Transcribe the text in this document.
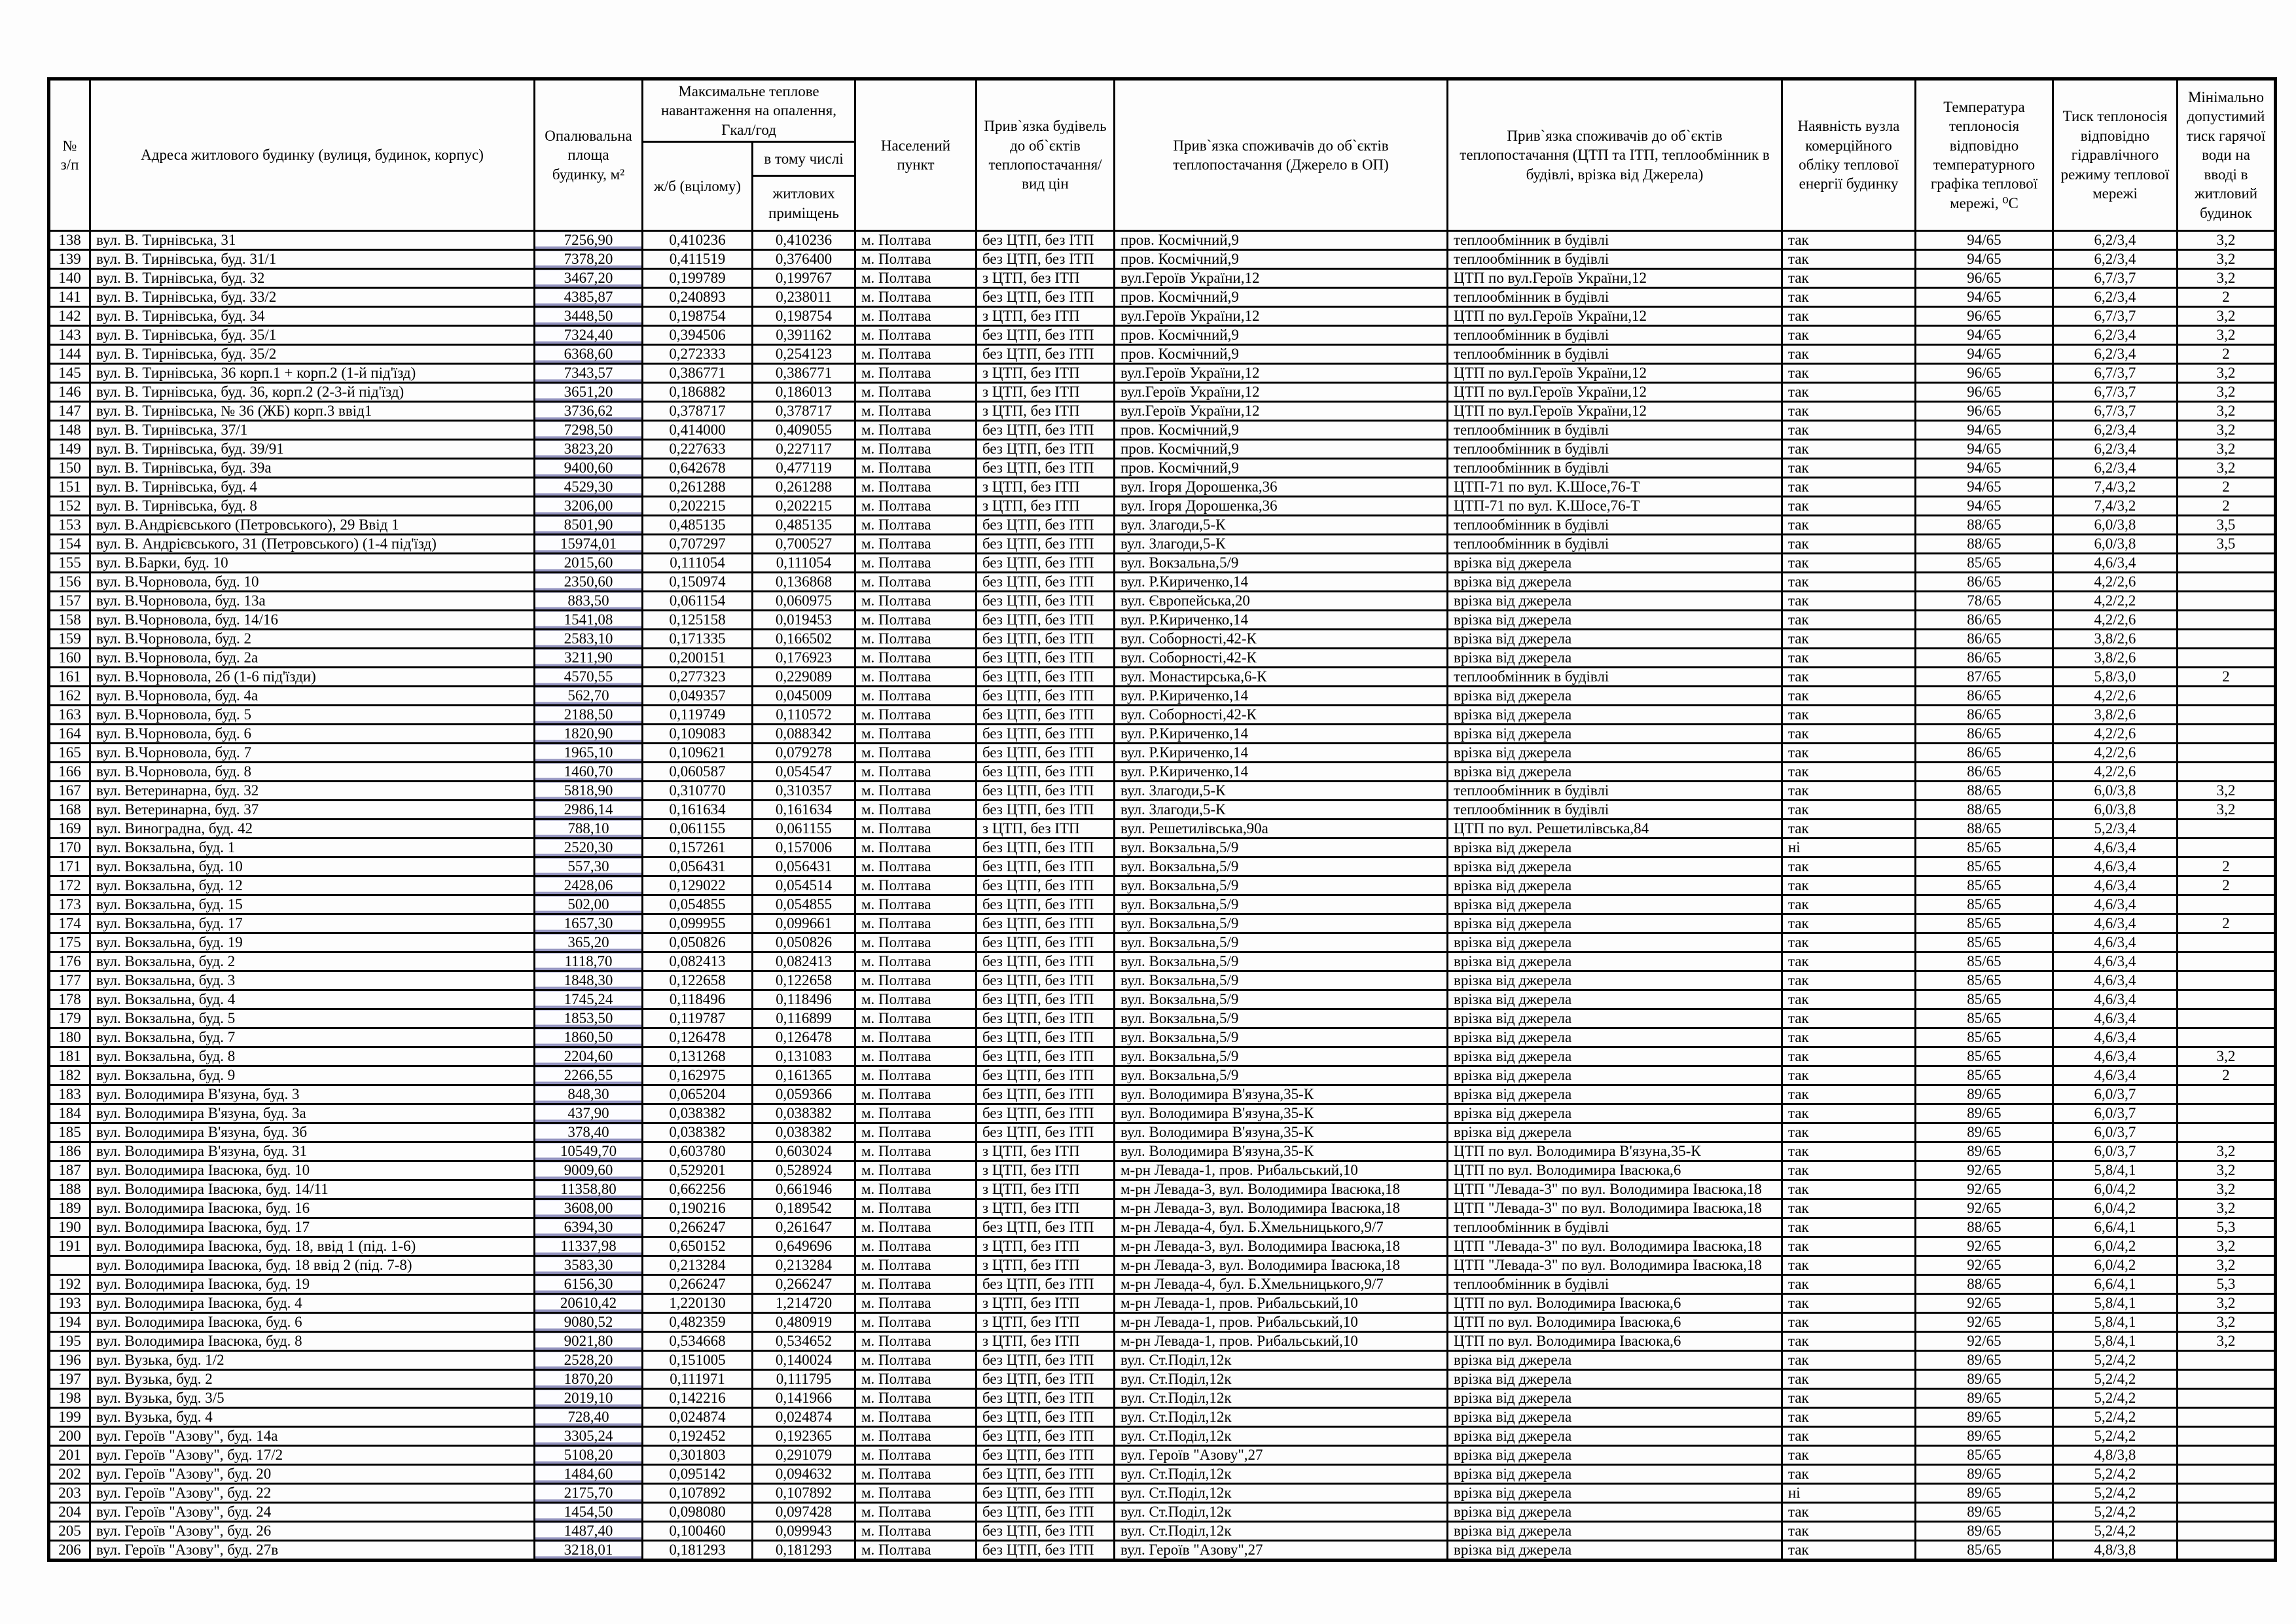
№ з/п	Адреса житлового будинку (вулиця, будинок, корпус)	Опалювальна площа будинку, м²	Максимальне теплове навантаження на опалення, Гкал/год		Населений пункт	Прив`язка будівель до об`єктів теплопостачання/ вид цін	Прив`язка споживачів до об`єктів теплопостачання (Джерело в ОП)	Прив`язка споживачів до об`єктів теплопостачання (ЦТП та ІТП, теплообмінник в будівлі, врізка від Джерела)	Наявність вузла комерційного обліку теплової енергії будинку	Температура теплоносія відповідно температурного графіка теплової мережі, ⁰С	Тиск теплоносія відповідно гідравлічного режиму теплової мережі	Мінімально допустимий тиск гарячої води на вводі в житловий будинок
			ж/б (вцілому)	в тому числі								
				житлових приміщень								
138	вул. В. Тирнівська, 31	7256,90	0,410236	0,410236	м. Полтава	без ЦТП, без ІТП	пров. Космічний,9	теплообмінник в будівлі	так	94/65	6,2/3,4	3,2
139	вул. В. Тирнівська, буд. 31/1	7378,20	0,411519	0,376400	м. Полтава	без ЦТП, без ІТП	пров. Космічний,9	теплообмінник в будівлі	так	94/65	6,2/3,4	3,2
140	вул. В. Тирнівська, буд. 32	3467,20	0,199789	0,199767	м. Полтава	з ЦТП, без ІТП	вул.Героїв України,12	ЦТП по вул.Героїв України,12	так	96/65	6,7/3,7	3,2
141	вул. В. Тирнівська, буд. 33/2	4385,87	0,240893	0,238011	м. Полтава	без ЦТП, без ІТП	пров. Космічний,9	теплообмінник в будівлі	так	94/65	6,2/3,4	2
142	вул. В. Тирнівська, буд. 34	3448,50	0,198754	0,198754	м. Полтава	з ЦТП, без ІТП	вул.Героїв України,12	ЦТП по вул.Героїв України,12	так	96/65	6,7/3,7	3,2
143	вул. В. Тирнівська, буд. 35/1	7324,40	0,394506	0,391162	м. Полтава	без ЦТП, без ІТП	пров. Космічний,9	теплообмінник в будівлі	так	94/65	6,2/3,4	3,2
144	вул. В. Тирнівська, буд. 35/2	6368,60	0,272333	0,254123	м. Полтава	без ЦТП, без ІТП	пров. Космічний,9	теплообмінник в будівлі	так	94/65	6,2/3,4	2
145	вул. В. Тирнівська, 36 корп.1 + корп.2 (1-й під'їзд)	7343,57	0,386771	0,386771	м. Полтава	з ЦТП, без ІТП	вул.Героїв України,12	ЦТП по вул.Героїв України,12	так	96/65	6,7/3,7	3,2
146	вул. В. Тирнівська, буд. 36, корп.2 (2-3-й під'їзд)	3651,20	0,186882	0,186013	м. Полтава	з ЦТП, без ІТП	вул.Героїв України,12	ЦТП по вул.Героїв України,12	так	96/65	6,7/3,7	3,2
147	вул. В. Тирнівська, № 36 (ЖБ) корп.3 ввід1	3736,62	0,378717	0,378717	м. Полтава	з ЦТП, без ІТП	вул.Героїв України,12	ЦТП по вул.Героїв України,12	так	96/65	6,7/3,7	3,2
148	вул. В. Тирнівська, 37/1	7298,50	0,414000	0,409055	м. Полтава	без ЦТП, без ІТП	пров. Космічний,9	теплообмінник в будівлі	так	94/65	6,2/3,4	3,2
149	вул. В. Тирнівська, буд. 39/91	3823,20	0,227633	0,227117	м. Полтава	без ЦТП, без ІТП	пров. Космічний,9	теплообмінник в будівлі	так	94/65	6,2/3,4	3,2
150	вул. В. Тирнівська, буд. 39а	9400,60	0,642678	0,477119	м. Полтава	без ЦТП, без ІТП	пров. Космічний,9	теплообмінник в будівлі	так	94/65	6,2/3,4	3,2
151	вул. В. Тирнівська, буд. 4	4529,30	0,261288	0,261288	м. Полтава	з ЦТП, без ІТП	вул. Ігоря Дорошенка,36	ЦТП-71 по вул. К.Шосе,76-Т	так	94/65	7,4/3,2	2
152	вул. В. Тирнівська, буд. 8	3206,00	0,202215	0,202215	м. Полтава	з ЦТП, без ІТП	вул. Ігоря Дорошенка,36	ЦТП-71 по вул. К.Шосе,76-Т	так	94/65	7,4/3,2	2
153	вул. В.Андрієвського (Петровського), 29 Ввід 1	8501,90	0,485135	0,485135	м. Полтава	без ЦТП, без ІТП	вул. Злагоди,5-К	теплообмінник в будівлі	так	88/65	6,0/3,8	3,5
154	вул. В. Андрієвського, 31 (Петровського) (1-4 під'їзд)	15974,01	0,707297	0,700527	м. Полтава	без ЦТП, без ІТП	вул. Злагоди,5-К	теплообмінник в будівлі	так	88/65	6,0/3,8	3,5
155	вул. В.Барки, буд. 10	2015,60	0,111054	0,111054	м. Полтава	без ЦТП, без ІТП	вул. Вокзальна,5/9	врізка від джерела	так	85/65	4,6/3,4	
156	вул. В.Чорновола, буд. 10	2350,60	0,150974	0,136868	м. Полтава	без ЦТП, без ІТП	вул. Р.Кириченко,14	врізка від джерела	так	86/65	4,2/2,6	
157	вул. В.Чорновола, буд. 13а	883,50	0,061154	0,060975	м. Полтава	без ЦТП, без ІТП	вул. Європейська,20	врізка від джерела	так	78/65	4,2/2,2	
158	вул. В.Чорновола, буд. 14/16	1541,08	0,125158	0,019453	м. Полтава	без ЦТП, без ІТП	вул. Р.Кириченко,14	врізка від джерела	так	86/65	4,2/2,6	
159	вул. В.Чорновола, буд. 2	2583,10	0,171335	0,166502	м. Полтава	без ЦТП, без ІТП	вул. Соборності,42-К	врізка від джерела	так	86/65	3,8/2,6	
160	вул. В.Чорновола, буд. 2а	3211,90	0,200151	0,176923	м. Полтава	без ЦТП, без ІТП	вул. Соборності,42-К	врізка від джерела	так	86/65	3,8/2,6	
161	вул. В.Чорновола, 2б (1-6 під'їзди)	4570,55	0,277323	0,229089	м. Полтава	без ЦТП, без ІТП	вул. Монастирська,6-К	теплообмінник в будівлі	так	87/65	5,8/3,0	2
162	вул. В.Чорновола, буд. 4а	562,70	0,049357	0,045009	м. Полтава	без ЦТП, без ІТП	вул. Р.Кириченко,14	врізка від джерела	так	86/65	4,2/2,6	
163	вул. В.Чорновола, буд. 5	2188,50	0,119749	0,110572	м. Полтава	без ЦТП, без ІТП	вул. Соборності,42-К	врізка від джерела	так	86/65	3,8/2,6	
164	вул. В.Чорновола, буд. 6	1820,90	0,109083	0,088342	м. Полтава	без ЦТП, без ІТП	вул. Р.Кириченко,14	врізка від джерела	так	86/65	4,2/2,6	
165	вул. В.Чорновола, буд. 7	1965,10	0,109621	0,079278	м. Полтава	без ЦТП, без ІТП	вул. Р.Кириченко,14	врізка від джерела	так	86/65	4,2/2,6	
166	вул. В.Чорновола, буд. 8	1460,70	0,060587	0,054547	м. Полтава	без ЦТП, без ІТП	вул. Р.Кириченко,14	врізка від джерела	так	86/65	4,2/2,6	
167	вул. Ветеринарна, буд. 32	5818,90	0,310770	0,310357	м. Полтава	без ЦТП, без ІТП	вул. Злагоди,5-К	теплообмінник в будівлі	так	88/65	6,0/3,8	3,2
168	вул. Ветеринарна, буд. 37	2986,14	0,161634	0,161634	м. Полтава	без ЦТП, без ІТП	вул. Злагоди,5-К	теплообмінник в будівлі	так	88/65	6,0/3,8	3,2
169	вул. Виноградна, буд. 42	788,10	0,061155	0,061155	м. Полтава	з ЦТП, без ІТП	вул. Решетилівська,90а	ЦТП по вул. Решетилівська,84	так	88/65	5,2/3,4	
170	вул. Вокзальна, буд. 1	2520,30	0,157261	0,157006	м. Полтава	без ЦТП, без ІТП	вул. Вокзальна,5/9	врізка від джерела	ні	85/65	4,6/3,4	
171	вул. Вокзальна, буд. 10	557,30	0,056431	0,056431	м. Полтава	без ЦТП, без ІТП	вул. Вокзальна,5/9	врізка від джерела	так	85/65	4,6/3,4	2
172	вул. Вокзальна, буд. 12	2428,06	0,129022	0,054514	м. Полтава	без ЦТП, без ІТП	вул. Вокзальна,5/9	врізка від джерела	так	85/65	4,6/3,4	2
173	вул. Вокзальна, буд. 15	502,00	0,054855	0,054855	м. Полтава	без ЦТП, без ІТП	вул. Вокзальна,5/9	врізка від джерела	так	85/65	4,6/3,4	
174	вул. Вокзальна, буд. 17	1657,30	0,099955	0,099661	м. Полтава	без ЦТП, без ІТП	вул. Вокзальна,5/9	врізка від джерела	так	85/65	4,6/3,4	2
175	вул. Вокзальна, буд. 19	365,20	0,050826	0,050826	м. Полтава	без ЦТП, без ІТП	вул. Вокзальна,5/9	врізка від джерела	так	85/65	4,6/3,4	
176	вул. Вокзальна, буд. 2	1118,70	0,082413	0,082413	м. Полтава	без ЦТП, без ІТП	вул. Вокзальна,5/9	врізка від джерела	так	85/65	4,6/3,4	
177	вул. Вокзальна, буд. 3	1848,30	0,122658	0,122658	м. Полтава	без ЦТП, без ІТП	вул. Вокзальна,5/9	врізка від джерела	так	85/65	4,6/3,4	
178	вул. Вокзальна, буд. 4	1745,24	0,118496	0,118496	м. Полтава	без ЦТП, без ІТП	вул. Вокзальна,5/9	врізка від джерела	так	85/65	4,6/3,4	
179	вул. Вокзальна, буд. 5	1853,50	0,119787	0,116899	м. Полтава	без ЦТП, без ІТП	вул. Вокзальна,5/9	врізка від джерела	так	85/65	4,6/3,4	
180	вул. Вокзальна, буд. 7	1860,50	0,126478	0,126478	м. Полтава	без ЦТП, без ІТП	вул. Вокзальна,5/9	врізка від джерела	так	85/65	4,6/3,4	
181	вул. Вокзальна, буд. 8	2204,60	0,131268	0,131083	м. Полтава	без ЦТП, без ІТП	вул. Вокзальна,5/9	врізка від джерела	так	85/65	4,6/3,4	3,2
182	вул. Вокзальна, буд. 9	2266,55	0,162975	0,161365	м. Полтава	без ЦТП, без ІТП	вул. Вокзальна,5/9	врізка від джерела	так	85/65	4,6/3,4	2
183	вул. Володимира В'язуна, буд. 3	848,30	0,065204	0,059366	м. Полтава	без ЦТП, без ІТП	вул. Володимира В'язуна,35-К	врізка від джерела	так	89/65	6,0/3,7	
184	вул. Володимира В'язуна, буд. 3а	437,90	0,038382	0,038382	м. Полтава	без ЦТП, без ІТП	вул. Володимира В'язуна,35-К	врізка від джерела	так	89/65	6,0/3,7	
185	вул. Володимира В'язуна, буд. 3б	378,40	0,038382	0,038382	м. Полтава	без ЦТП, без ІТП	вул. Володимира В'язуна,35-К	врізка від джерела	так	89/65	6,0/3,7	
186	вул. Володимира В'язуна, буд. 31	10549,70	0,603780	0,603024	м. Полтава	з ЦТП, без ІТП	вул. Володимира В'язуна,35-К	ЦТП по вул. Володимира В'язуна,35-К	так	89/65	6,0/3,7	3,2
187	вул. Володимира Івасюка, буд. 10	9009,60	0,529201	0,528924	м. Полтава	з ЦТП, без ІТП	м-рн Левада-1, пров. Рибальський,10	ЦТП по вул. Володимира Івасюка,6	так	92/65	5,8/4,1	3,2
188	вул. Володимира Івасюка, буд. 14/11	11358,80	0,662256	0,661946	м. Полтава	з ЦТП, без ІТП	м-рн Левада-3, вул. Володимира Івасюка,18	ЦТП "Левада-3" по вул. Володимира Івасюка,18	так	92/65	6,0/4,2	3,2
189	вул. Володимира Івасюка, буд. 16	3608,00	0,190216	0,189542	м. Полтава	з ЦТП, без ІТП	м-рн Левада-3, вул. Володимира Івасюка,18	ЦТП "Левада-3" по вул. Володимира Івасюка,18	так	92/65	6,0/4,2	3,2
190	вул. Володимира Івасюка, буд. 17	6394,30	0,266247	0,261647	м. Полтава	без ЦТП, без ІТП	м-рн Левада-4, бул. Б.Хмельницького,9/7	теплообмінник в будівлі	так	88/65	6,6/4,1	5,3
191	вул. Володимира Івасюка, буд. 18, ввід 1 (під. 1-6)	11337,98	0,650152	0,649696	м. Полтава	з ЦТП, без ІТП	м-рн Левада-3, вул. Володимира Івасюка,18	ЦТП "Левада-3" по вул. Володимира Івасюка,18	так	92/65	6,0/4,2	3,2
	вул. Володимира Івасюка, буд. 18 ввід 2 (під. 7-8)	3583,30	0,213284	0,213284	м. Полтава	з ЦТП, без ІТП	м-рн Левада-3, вул. Володимира Івасюка,18	ЦТП "Левада-3" по вул. Володимира Івасюка,18	так	92/65	6,0/4,2	3,2
192	вул. Володимира Івасюка, буд. 19	6156,30	0,266247	0,266247	м. Полтава	без ЦТП, без ІТП	м-рн Левада-4, бул. Б.Хмельницького,9/7	теплообмінник в будівлі	так	88/65	6,6/4,1	5,3
193	вул. Володимира Івасюка, буд. 4	20610,42	1,220130	1,214720	м. Полтава	з ЦТП, без ІТП	м-рн Левада-1, пров. Рибальський,10	ЦТП по вул. Володимира Івасюка,6	так	92/65	5,8/4,1	3,2
194	вул. Володимира Івасюка, буд. 6	9080,52	0,482359	0,480919	м. Полтава	з ЦТП, без ІТП	м-рн Левада-1, пров. Рибальський,10	ЦТП по вул. Володимира Івасюка,6	так	92/65	5,8/4,1	3,2
195	вул. Володимира Івасюка, буд. 8	9021,80	0,534668	0,534652	м. Полтава	з ЦТП, без ІТП	м-рн Левада-1, пров. Рибальський,10	ЦТП по вул. Володимира Івасюка,6	так	92/65	5,8/4,1	3,2
196	вул. Вузька, буд. 1/2	2528,20	0,151005	0,140024	м. Полтава	без ЦТП, без ІТП	вул. Ст.Поділ,12к	врізка від джерела	так	89/65	5,2/4,2	
197	вул. Вузька, буд. 2	1870,20	0,111971	0,111795	м. Полтава	без ЦТП, без ІТП	вул. Ст.Поділ,12к	врізка від джерела	так	89/65	5,2/4,2	
198	вул. Вузька, буд. 3/5	2019,10	0,142216	0,141966	м. Полтава	без ЦТП, без ІТП	вул. Ст.Поділ,12к	врізка від джерела	так	89/65	5,2/4,2	
199	вул. Вузька, буд. 4	728,40	0,024874	0,024874	м. Полтава	без ЦТП, без ІТП	вул. Ст.Поділ,12к	врізка від джерела	так	89/65	5,2/4,2	
200	вул. Героїв "Азову", буд. 14а	3305,24	0,192452	0,192365	м. Полтава	без ЦТП, без ІТП	вул. Ст.Поділ,12к	врізка від джерела	так	89/65	5,2/4,2	
201	вул. Героїв "Азову", буд. 17/2	5108,20	0,301803	0,291079	м. Полтава	без ЦТП, без ІТП	вул. Героїв "Азову",27	врізка від джерела	так	85/65	4,8/3,8	
202	вул. Героїв "Азову", буд. 20	1484,60	0,095142	0,094632	м. Полтава	без ЦТП, без ІТП	вул. Ст.Поділ,12к	врізка від джерела	так	89/65	5,2/4,2	
203	вул. Героїв "Азову", буд. 22	2175,70	0,107892	0,107892	м. Полтава	без ЦТП, без ІТП	вул. Ст.Поділ,12к	врізка від джерела	ні	89/65	5,2/4,2	
204	вул. Героїв "Азову", буд. 24	1454,50	0,098080	0,097428	м. Полтава	без ЦТП, без ІТП	вул. Ст.Поділ,12к	врізка від джерела	так	89/65	5,2/4,2	
205	вул. Героїв "Азову", буд. 26	1487,40	0,100460	0,099943	м. Полтава	без ЦТП, без ІТП	вул. Ст.Поділ,12к	врізка від джерела	так	89/65	5,2/4,2	
206	вул. Героїв "Азову", буд. 27в	3218,01	0,181293	0,181293	м. Полтава	без ЦТП, без ІТП	вул. Героїв "Азову",27	врізка від джерела	так	85/65	4,8/3,8	
